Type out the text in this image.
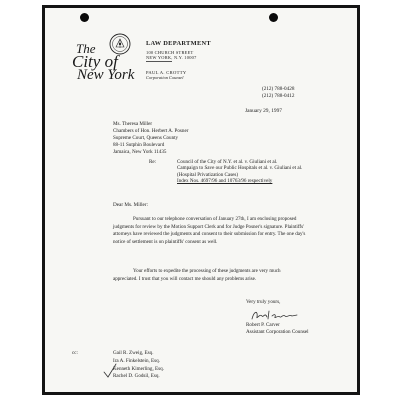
The
City of
New York
LAW DEPARTMENT
100 CHURCH STREET
NEW YORK, N.Y. 10007
PAUL A. CROTTY
Corporation Counsel
(212) 788-0428
(212) 788-0412
January 29, 1997
Ms. Theresa Miller
Chambers of Hon. Herbert A. Posner
Supreme Court, Queens County
88-11 Sutphin Boulevard
Jamaica, New York 11435
Re:	Council of the City of N.Y. et al. v. Giuliani et al.
Campaign to Save our Public Hospitals et al. v. Giuliani et al.
(Hospital Privatization Cases)
Index Nos. 4697/96 and 10763/96 respectively
Dear Ms. Miller:
Pursuant to our telephone conversation of January 27th, I am enclosing proposed
judgments for review by the Motion Support Clerk and for Judge Posner's signature. Plaintiffs'
attorneys have reviewed the judgments and consent to their submission for entry. The one day's
notice of settlement is on plaintiffs' consent as well.
Your efforts to expedite the processing of these judgments are very much
appreciated. I trust that you will contact me should any problems arise.
Very truly yours,
Robert P. Carver
Assistant Corporation Counsel
cc:	Gail R. Zweig, Esq.
Ira A. Finkelstein, Esq.
Kenneth Kimerling, Esq.
Rachel D. Godsil, Esq.
